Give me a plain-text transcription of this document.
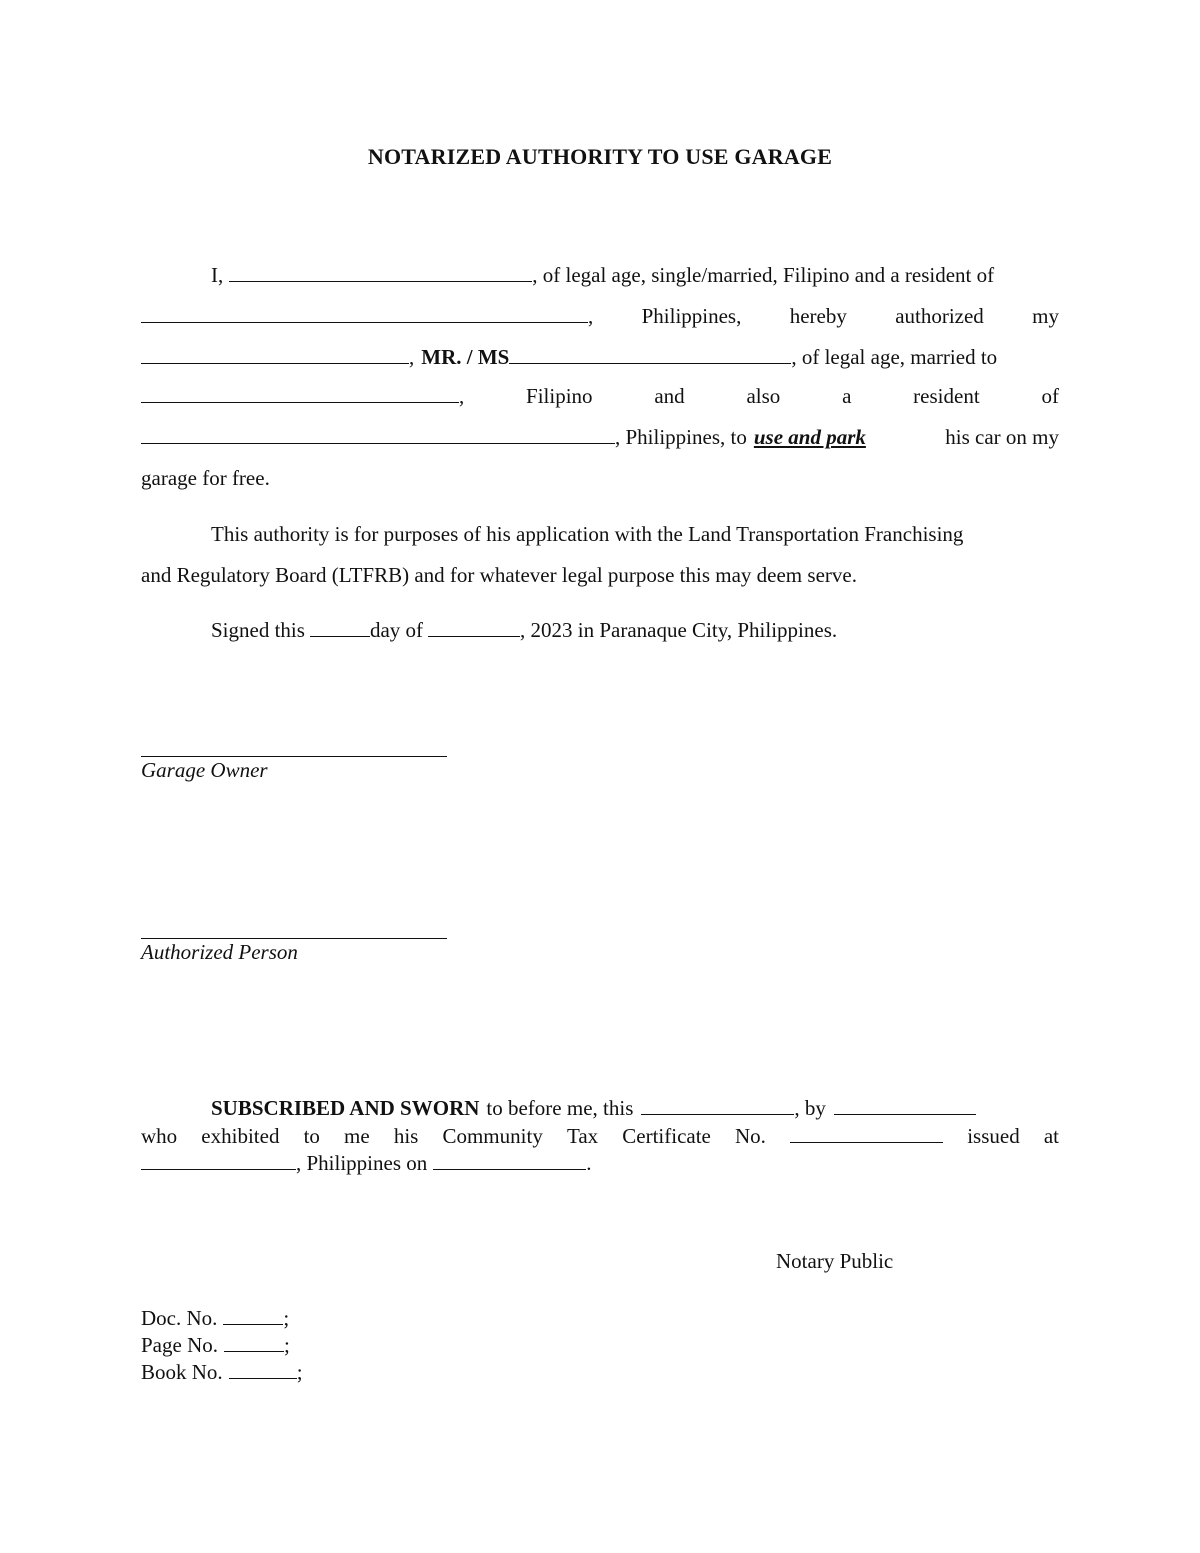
NOTARIZED AUTHORITY TO USE GARAGE
I,	, of legal age, single/married, Filipino and a resident of
, Philippines, hereby authorized my
, MR. / MS	, of legal age, married to
,	Filipino	and	also	a	resident	of
, Philippines, to use and park	his car on my
garage for free.
This authority is for purposes of his application with the Land Transportation Franchising
and Regulatory Board (LTFRB) and for whatever legal purpose this may deem serve.
Signed this	day of	, 2023 in Paranaque City, Philippines.
Garage Owner
Authorized Person
SUBSCRIBED AND SWORN to before me, this	, by
who exhibited to me his Community Tax Certificate No.	issued at
, Philippines on	.
Notary Public
Doc. No.	;
Page No.	;
Book No.	;
